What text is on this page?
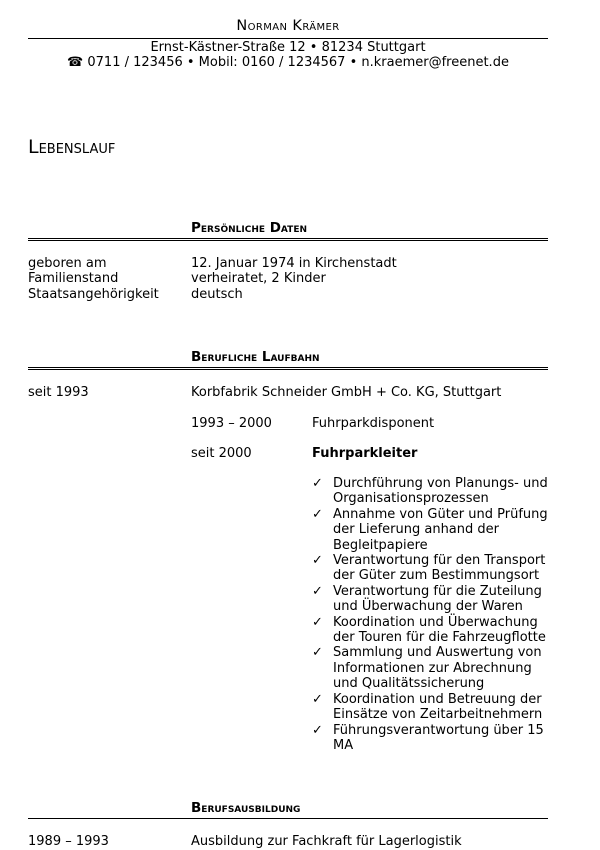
Norman Krämer
Ernst-Kästner-Straße 12 • 81234 Stuttgart
☎ 0711 / 123456 • Mobil: 0160 / 1234567 • n.kraemer@freenet.de
Lebenslauf
Persönliche Daten
geboren am	12. Januar 1974 in Kirchenstadt
Familienstand	verheiratet, 2 Kinder
Staatsangehörigkeit deutsch
Berufliche Laufbahn
seit 1993	Korbfabrik Schneider GmbH + Co. KG, Stuttgart
1993 – 2000	Fuhrparkdisponent
seit 2000	Fuhrparkleiter
✓ Durchführung von Planungs- und Organisationsprozessen
✓ Annahme von Güter und Prüfung der Lieferung anhand der Begleitpapiere
✓ Verantwortung für den Transport der Güter zum Bestimmungsort
✓ Verantwortung für die Zuteilung und Überwachung der Waren
✓ Koordination und Überwachung der Touren für die Fahrzeugflotte
✓ Sammlung und Auswertung von Informationen zur Abrechnung und Qualitätssicherung
✓ Koordination und Betreuung der Einsätze von Zeitarbeitnehmern
✓ Führungsverantwortung über 15 MA
Berufsausbildung
1989 – 1993	Ausbildung zur Fachkraft für Lagerlogistik
